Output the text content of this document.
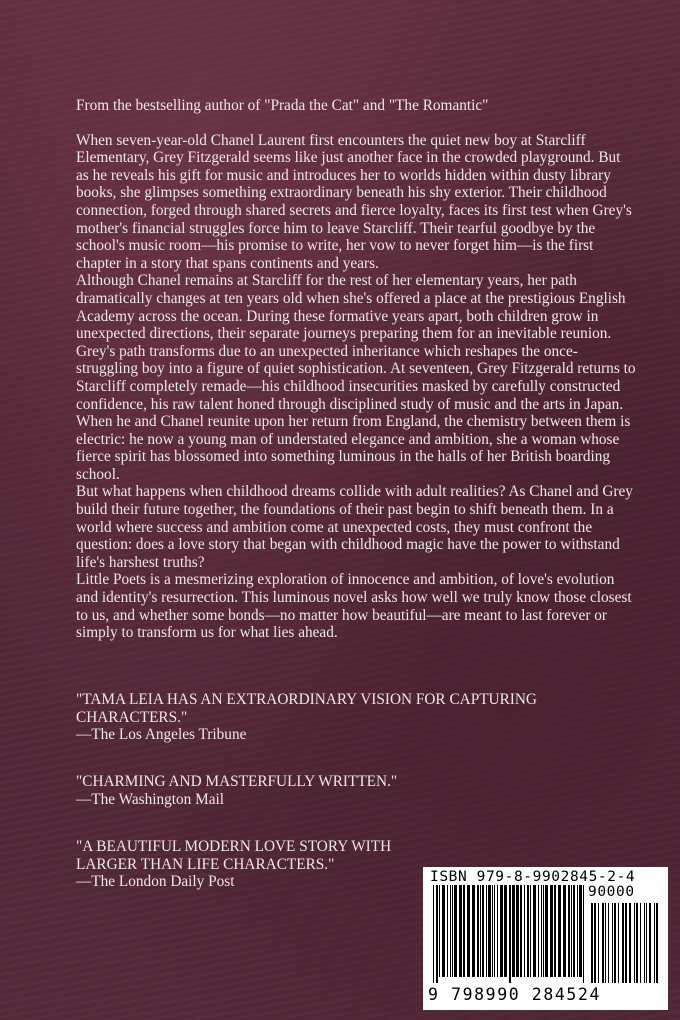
From the bestselling author of "Prada the Cat" and "The Romantic"

When seven-year-old Chanel Laurent first encounters the quiet new boy at Starcliff Elementary, Grey Fitzgerald seems like just another face in the crowded playground. But as he reveals his gift for music and introduces her to worlds hidden within dusty library books, she glimpses something extraordinary beneath his shy exterior. Their childhood connection, forged through shared secrets and fierce loyalty, faces its first test when Grey's mother's financial struggles force him to leave Starcliff. Their tearful goodbye by the school's music room—his promise to write, her vow to never forget him—is the first chapter in a story that spans continents and years.

Although Chanel remains at Starcliff for the rest of her elementary years, her path dramatically changes at ten years old when she's offered a place at the prestigious English Academy across the ocean. During these formative years apart, both children grow in unexpected directions, their separate journeys preparing them for an inevitable reunion.

Grey's path transforms due to an unexpected inheritance which reshapes the once-struggling boy into a figure of quiet sophistication. At seventeen, Grey Fitzgerald returns to Starcliff completely remade—his childhood insecurities masked by carefully constructed confidence, his raw talent honed through disciplined study of music and the arts in Japan. When he and Chanel reunite upon her return from England, the chemistry between them is electric: he now a young man of understated elegance and ambition, she a woman whose fierce spirit has blossomed into something luminous in the halls of her British boarding school.

But what happens when childhood dreams collide with adult realities? As Chanel and Grey build their future together, the foundations of their past begin to shift beneath them. In a world where success and ambition come at unexpected costs, they must confront the question: does a love story that began with childhood magic have the power to withstand life's harshest truths?

Little Poets is a mesmerizing exploration of innocence and ambition, of love's evolution and identity's resurrection. This luminous novel asks how well we truly know those closest to us, and whether some bonds—no matter how beautiful—are meant to last forever or simply to transform us for what lies ahead.

"TAMA LEIA HAS AN EXTRAORDINARY VISION FOR CAPTURING CHARACTERS."
—The Los Angeles Tribune
"CHARMING AND MASTERFULLY WRITTEN."
—The Washington Mail
"A BEAUTIFUL MODERN LOVE STORY WITH LARGER THAN LIFE CHARACTERS."
—The London Daily Post	ISBN 979-8-9902845-2-4
90000
9 798990 284524
